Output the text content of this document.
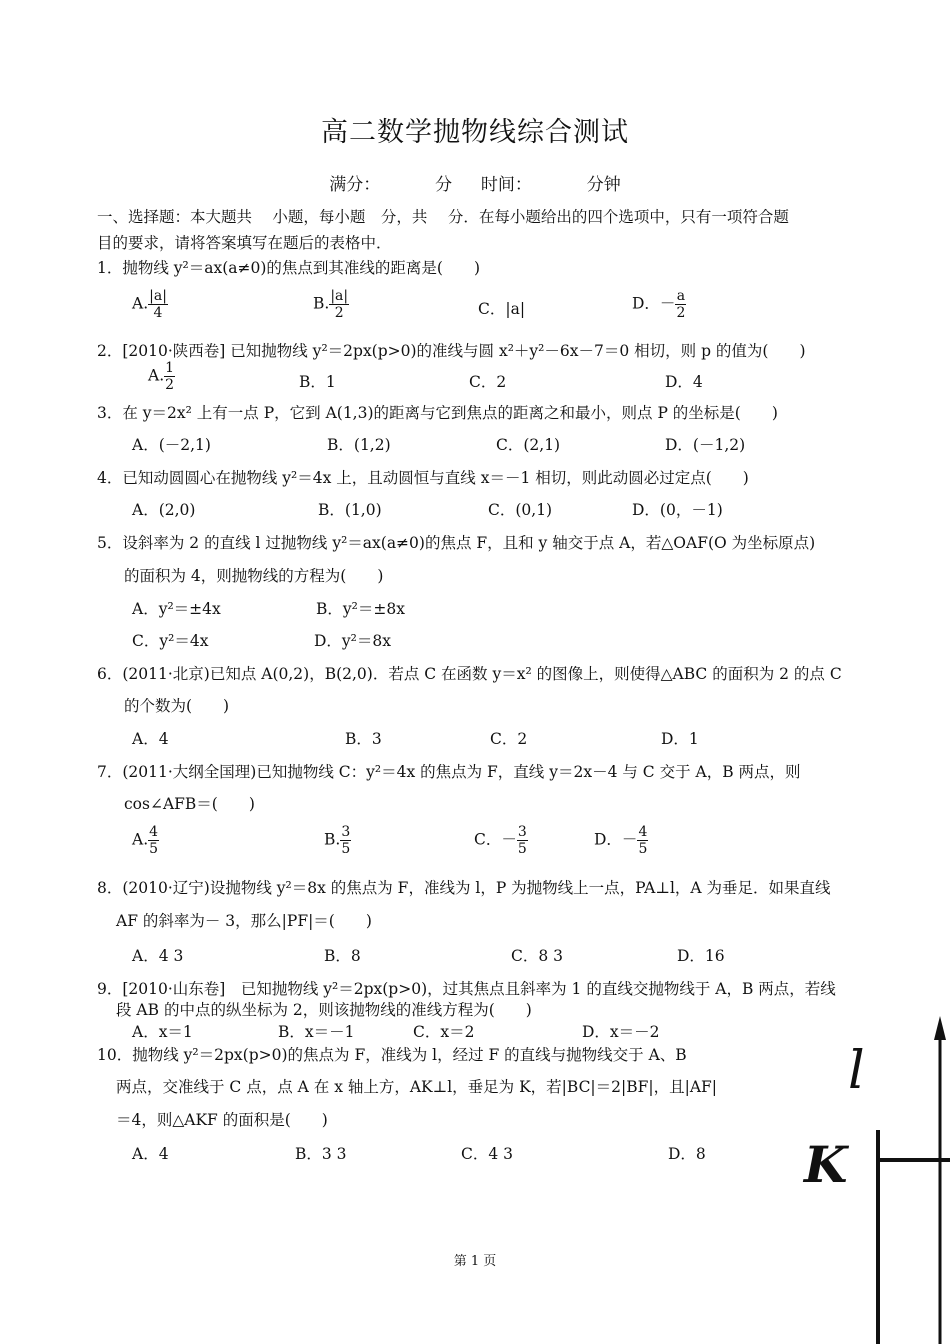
高二数学抛物线综合测试
满分：	分 时间：	分钟
一、选择题：本大题共　 小题，每小题　分，共　 分．在每小题给出的四个选项中，只有一项符合题
目的要求，请将答案填写在题后的表格中．
1．抛物线 y²＝ax(a≠0)的焦点到其准线的距离是(　　)
A. $\frac{|a|}{4}$	B. $\frac{|a|}{2}$	C．|a|	D．－ $\frac{a}{2}$
2．[2010·陕西卷] 已知抛物线 y²＝2px(p>0)的准线与圆 x²＋y²－6x－7＝0 相切，则 p 的值为(　　)
A. $\frac{1}{2}$	B．1	C．2	D．4
3．在 y＝2x² 上有一点 P，它到 A(1,3)的距离与它到焦点的距离之和最小，则点 P 的坐标是(　　)
A．(－2,1)	B．(1,2)	C．(2,1)	D．(－1,2)
4．已知动圆圆心在抛物线 y²＝4x 上，且动圆恒与直线 x＝－1 相切，则此动圆必过定点(　　)
A．(2,0)	B．(1,0)	C．(0,1)	D．(0，－1)
5．设斜率为 2 的直线 l 过抛物线 y²＝ax(a≠0)的焦点 F，且和 y 轴交于点 A，若△OAF(O 为坐标原点)
的面积为 4，则抛物线的方程为(　　)
A．y²＝±4x	B．y²＝±8x
C．y²＝4x	D．y²＝8x
6．(2011·北京)已知点 A(0,2)，B(2,0)．若点 C 在函数 y＝x² 的图像上，则使得△ABC 的面积为 2 的点 C
的个数为(　　)
A．4	B．3	C．2	D．1
7．(2011·大纲全国理)已知抛物线 C：y²＝4x 的焦点为 F，直线 y＝2x－4 与 C 交于 A，B 两点，则
cos∠AFB＝(　　)
A. $\frac{4}{5}$	B. $\frac{3}{5}$	C．－ $\frac{3}{5}$	D．－ $\frac{4}{5}$
8．(2010·辽宁)设抛物线 y²＝8x 的焦点为 F，准线为 l，P 为抛物线上一点，PA⊥l，A 为垂足．如果直线
AF 的斜率为－ 3，那么|PF|＝(　　)
A．4 3	B．8	C．8 3	D．16
9．[2010·山东卷]　已知抛物线 y²＝2px(p>0)，过其焦点且斜率为 1 的直线交抛物线于 A，B 两点，若线
段 AB 的中点的纵坐标为 2，则该抛物线的准线方程为(　　)
A．x＝1	B．x＝－1	C．x＝2	D．x＝－2
10．抛物线 y²＝2px(p>0)的焦点为 F，准线为 l，经过 F 的直线与抛物线交于 A、B
两点，交准线于 C 点，点 A 在 x 轴上方，AK⊥l，垂足为 K，若|BC|＝2|BF|，且|AF|
＝4，则△AKF 的面积是(　　)
A．4	B．3 3	C．4 3	D．8
l
K
第 1 页
